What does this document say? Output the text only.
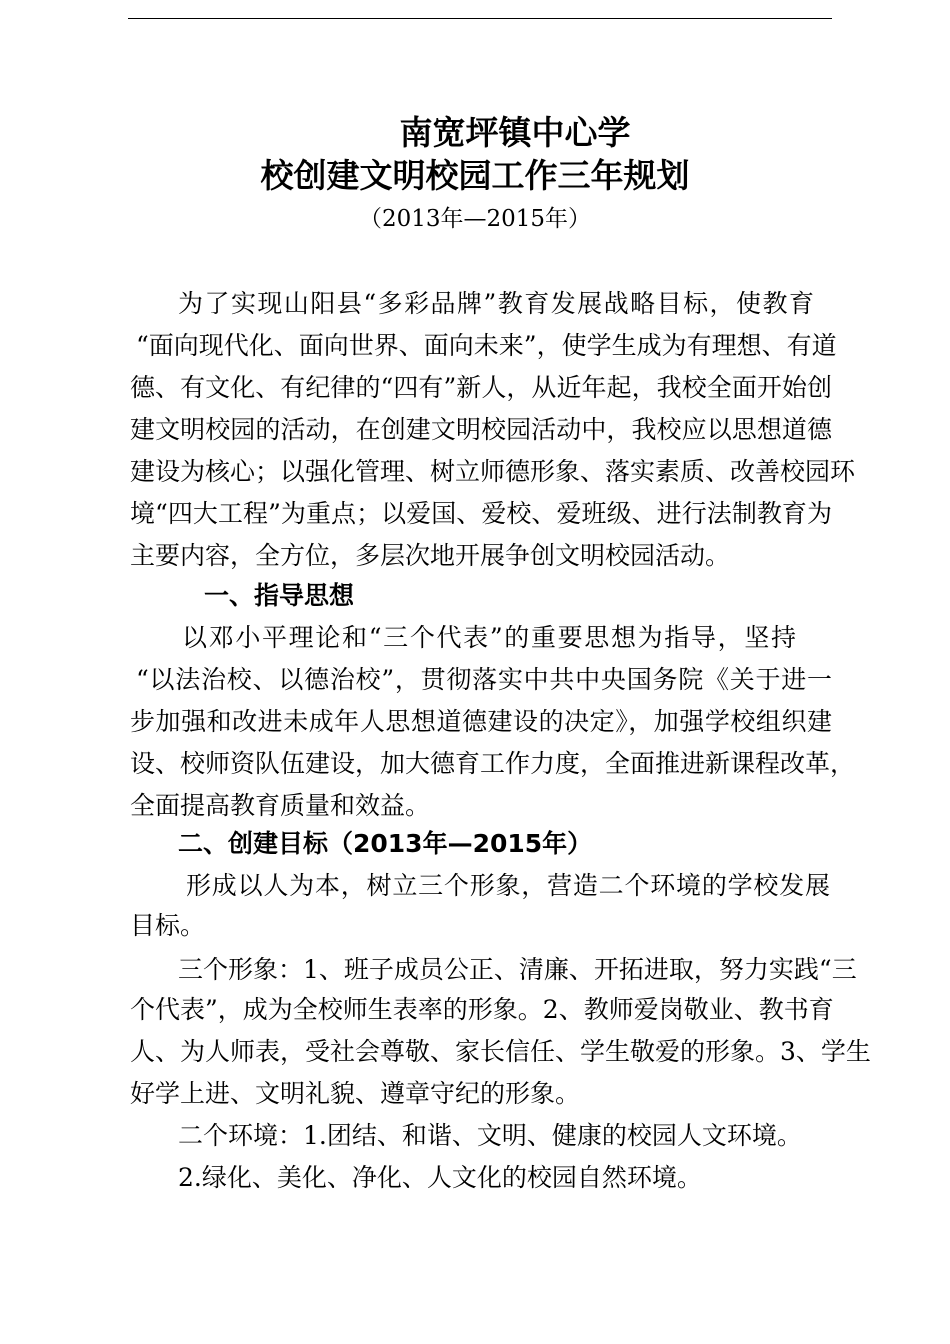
南宽坪镇中心学
校创建文明校园工作三年规划
（2013年—2015年）
为了实现山阳县“多彩品牌”教育发展战略目标，使教育
“面向现代化、面向世界、面向未来”，使学生成为有理想、有道
德、有文化、有纪律的“四有”新人，从近年起，我校全面开始创
建文明校园的活动，在创建文明校园活动中，我校应以思想道德
建设为核心；以强化管理、树立师德形象、落实素质、改善校园环
境“四大工程”为重点；以爱国、爱校、爱班级、进行法制教育为
主要内容，全方位，多层次地开展争创文明校园活动。
一、指导思想
以邓小平理论和“三个代表”的重要思想为指导，坚持
“以法治校、以德治校”，贯彻落实中共中央国务院《关于进一
步加强和改进未成年人思想道德建设的决定》，加强学校组织建
设、校师资队伍建设，加大德育工作力度，全面推进新课程改革，
全面提高教育质量和效益。
二、创建目标（2013年—2015年）
形成以人为本，树立三个形象，营造二个环境的学校发展
目标。
三个形象：1、班子成员公正、清廉、开拓进取，努力实践“三
个代表”，成为全校师生表率的形象。2、教师爱岗敬业、教书育
人、为人师表，受社会尊敬、家长信任、学生敬爱的形象。3、学生
好学上进、文明礼貌、遵章守纪的形象。
二个环境：1.团结、和谐、文明、健康的校园人文环境。
2.绿化、美化、净化、人文化的校园自然环境。
